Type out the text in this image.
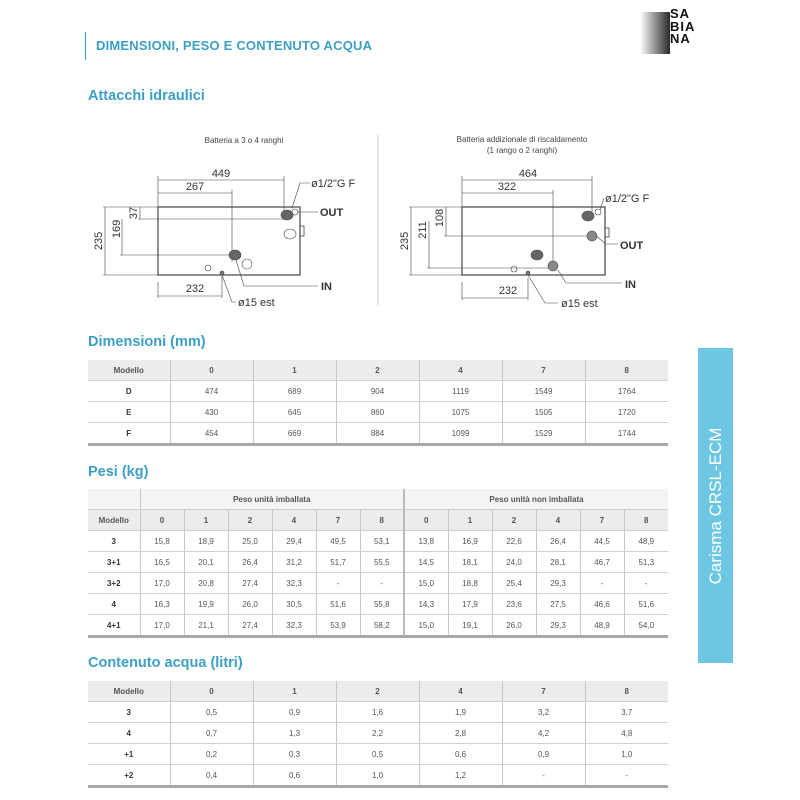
DIMENSIONI, PESO E CONTENUTO ACQUA
SABIANA
Attacchi idraulici
Batteria a 3 o 4 ranghi
449
267
232
235
169
37
ø1/2"G F
OUT
IN
ø15 est
Batteria addizionale di riscaldamento
(1 rango o 2 ranghi)
464
322
232
235
211
108
ø1/2"G F
OUT
IN
ø15 est
Dimensioni (mm)
Modello	0	1	2	4	7	8
D	474	689	904	1119	1549	1764
E	430	645	860	1075	1505	1720
F	454	669	884	1099	1529	1744
Pesi (kg)
	Peso unità imballata						Peso unità non imballata					
Modello	0	1	2	4	7	8	0	1	2	4	7	8
3	15,8	18,9	25,0	29,4	49,5	53,1	13,8	16,9	22,6	26,4	44,5	48,9
3+1	16,5	20,1	26,4	31,2	51,7	55,5	14,5	18,1	24,0	28,1	46,7	51,3
3+2	17,0	20,8	27,4	32,3	-	-	15,0	18,8	25,4	29,3	-	-
4	16,3	19,9	26,0	30,5	51,6	55,8	14,3	17,9	23,6	27,5	46,6	51,6
4+1	17,0	21,1	27,4	32,3	53,9	58,2	15,0	19,1	26,0	29,3	48,9	54,0
Contenuto acqua (litri)
Modello	0	1	2	4	7	8
3	0,5	0,9	1,6	1,9	3,2	3,7
4	0,7	1,3	2,2	2,8	4,2	4,8
+1	0,2	0,3	0,5	0,6	0,9	1,0
+2	0,4	0,6	1,0	1,2	-	-
Carisma CRSL-ECM
